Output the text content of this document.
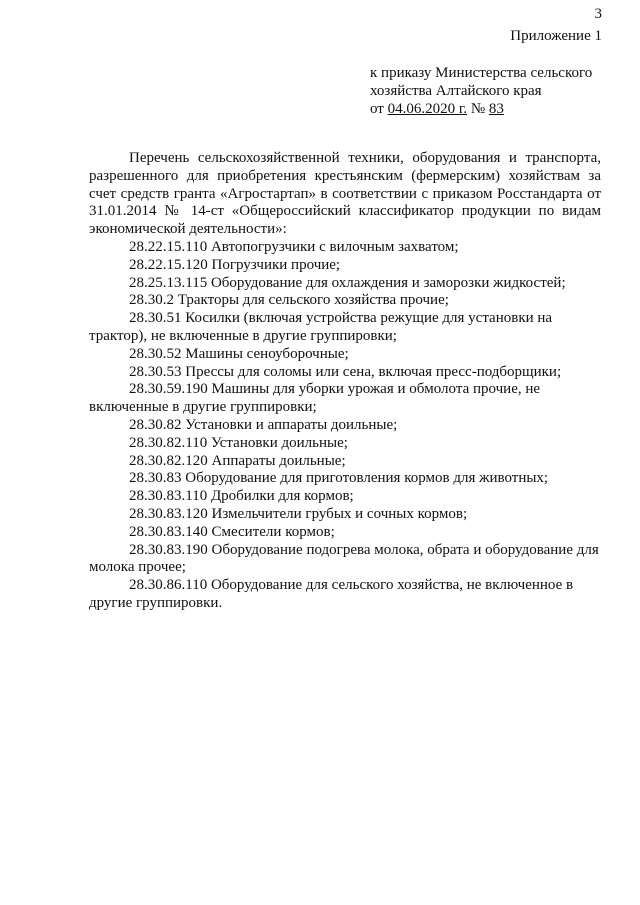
3
Приложение 1
к приказу Министерства сельского
хозяйства Алтайского края
от 04.06.2020 г. № 83

Перечень сельскохозяйственной техники, оборудования и транспорта, разрешенного для приобретения крестьянским (фермерским) хозяйствам за счет средств гранта «Агростартап» в соответствии с приказом Росстандарта от 31.01.2014 № 14-ст «Общероссийский классификатор продукции по видам экономической деятельности»:

28.22.15.110 Автопогрузчики с вилочным захватом;
28.22.15.120 Погрузчики прочие;
28.25.13.115 Оборудование для охлаждения и заморозки жидкостей;
28.30.2 Тракторы для сельского хозяйства прочие;
28.30.51 Косилки (включая устройства режущие для установки на трактор), не включенные в другие группировки;
28.30.52 Машины сеноуборочные;
28.30.53 Прессы для соломы или сена, включая пресс-подборщики;
28.30.59.190 Машины для уборки урожая и обмолота прочие, не включенные в другие группировки;
28.30.82 Установки и аппараты доильные;
28.30.82.110 Установки доильные;
28.30.82.120 Аппараты доильные;
28.30.83 Оборудование для приготовления кормов для животных;
28.30.83.110 Дробилки для кормов;
28.30.83.120 Измельчители грубых и сочных кормов;
28.30.83.140 Смесители кормов;
28.30.83.190 Оборудование подогрева молока, обрата и оборудование для молока прочее;
28.30.86.110 Оборудование для сельского хозяйства, не включенное в другие группировки.
